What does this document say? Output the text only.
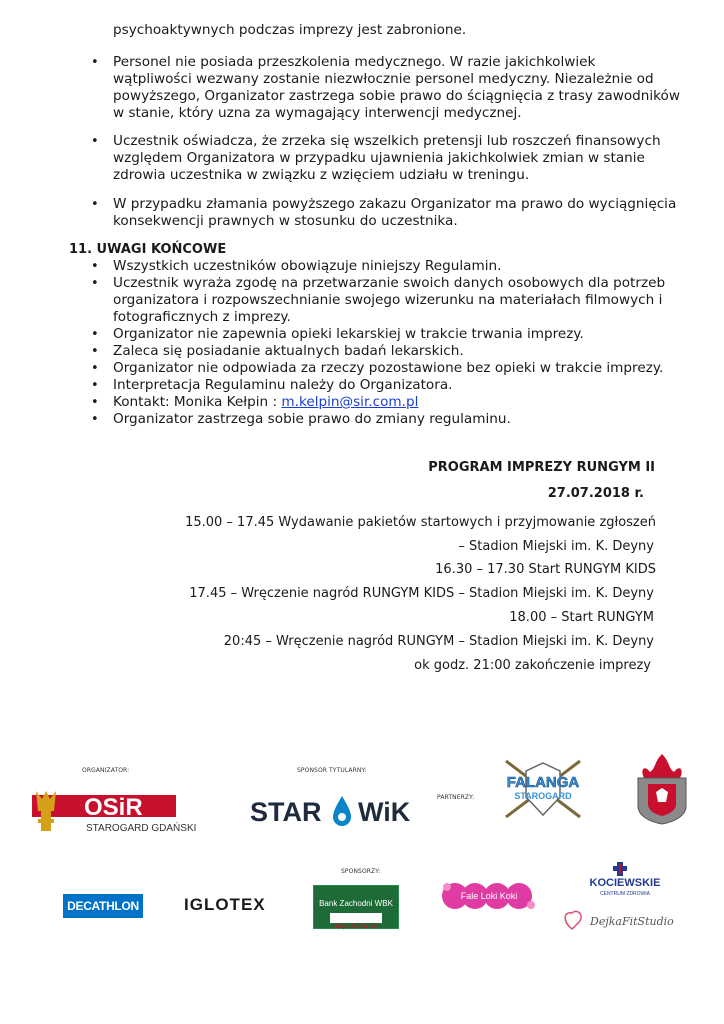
psychoaktywnych podczas imprezy jest zabronione.
• Personel nie posiada przeszkolenia medycznego. W razie jakichkolwiek
wątpliwości wezwany zostanie niezwłocznie personel medyczny. Niezależnie od
powyższego, Organizator zastrzega sobie prawo do ściągnięcia z trasy zawodników
w stanie, który uzna za wymagający interwencji medycznej.
• Uczestnik oświadcza, że zrzeka się wszelkich pretensji lub roszczeń finansowych
względem Organizatora w przypadku ujawnienia jakichkolwiek zmian w stanie
zdrowia uczestnika w związku z wzięciem udziału w treningu.
• W przypadku złamania powyższego zakazu Organizator ma prawo do wyciągnięcia
konsekwencji prawnych w stosunku do uczestnika.
11. UWAGI KOŃCOWE
• Wszystkich uczestników obowiązuje niniejszy Regulamin.
• Uczestnik wyraża zgodę na przetwarzanie swoich danych osobowych dla potrzeb
organizatora i rozpowszechnianie swojego wizerunku na materiałach filmowych i
fotograficznych z imprezy.
• Organizator nie zapewnia opieki lekarskiej w trakcie trwania imprezy.
• Zaleca się posiadanie aktualnych badań lekarskich.
• Organizator nie odpowiada za rzeczy pozostawione bez opieki w trakcie imprezy.
• Interpretacja Regulaminu należy do Organizatora.
• Kontakt: Monika Kełpin : m.kelpin@sir.com.pl
• Organizator zastrzega sobie prawo do zmiany regulaminu.
PROGRAM IMPREZY RUNGYM II
27.07.2018 r.
15.00 – 17.45 Wydawanie pakietów startowych i przyjmowanie zgłoszeń
– Stadion Miejski im. K. Deyny
16.30 – 17.30 Start RUNGYM KIDS
17.45 – Wręczenie nagród RUNGYM KIDS – Stadion Miejski im. K. Deyny
18.00 – Start RUNGYM
20:45 – Wręczenie nagród RUNGYM – Stadion Miejski im. K. Deyny
ok godz. 21:00 zakończenie imprezy
ORGANIZATOR:	SPONSOR TYTULARNY:
PARTNERZY:
SPONSORZY:
OSiR
STAROGARD GDAŃSKI
STAR WiK
FALANGA
STAROGARD
DECATHLON	IGLOTEX	Bank Zachodni WBK
Grupa Santander
Fale Loki Koki
KOCIEWSKIE
CENTRUM ZDROWIA
DejkaFitStudio
